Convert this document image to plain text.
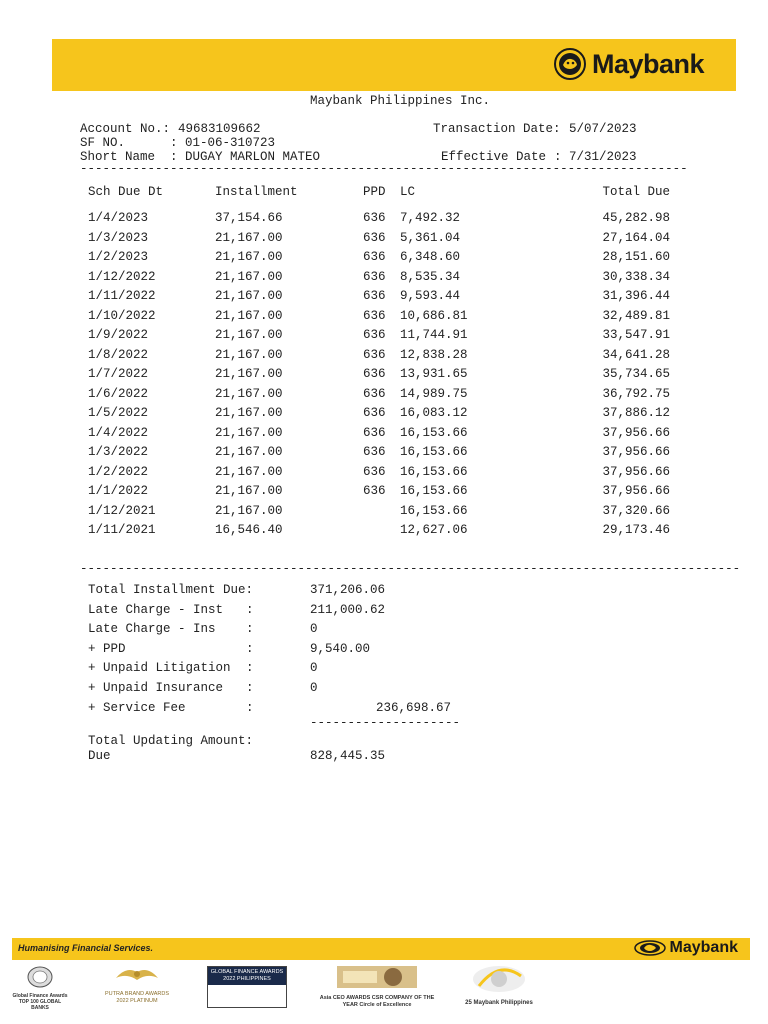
Maybank
Maybank Philippines Inc.
Account No.: 49683109662
SF NO.	: 01-06-310723
Short Name : DUGAY MARLON MATEO
Transaction Date: 5/07/2023
Effective Date : 7/31/2023
---------------------------------------------------------------------------------
Sch Due Dt	Installment	PPD	LC	Total Due

1/4/2023	37,154.66	636	7,492.32	45,282.98
1/3/2023	21,167.00	636	5,361.04	27,164.04
1/2/2023	21,167.00	636	6,348.60	28,151.60
1/12/2022	21,167.00	636	8,535.34	30,338.34
1/11/2022	21,167.00	636	9,593.44	31,396.44
1/10/2022	21,167.00	636	10,686.81	32,489.81
1/9/2022	21,167.00	636	11,744.91	33,547.91
1/8/2022	21,167.00	636	12,838.28	34,641.28
1/7/2022	21,167.00	636	13,931.65	35,734.65
1/6/2022	21,167.00	636	14,989.75	36,792.75
1/5/2022	21,167.00	636	16,083.12	37,886.12
1/4/2022	21,167.00	636	16,153.66	37,956.66
1/3/2022	21,167.00	636	16,153.66	37,956.66
1/2/2022	21,167.00	636	16,153.66	37,956.66
1/1/2022	21,167.00	636	16,153.66	37,956.66
1/12/2021	21,167.00		16,153.66	37,320.66
1/11/2021	16,546.40		12,627.06	29,173.46
----------------------------------------------------------------------------------------
Total Installment Due:	371,206.06
Late Charge - Inst :	211,000.62
Late Charge - Ins :	0
+ PPD	:	9,540.00
+ Unpaid Litigation :	0
+ Unpaid Insurance :	0
+ Service Fee	:	236,698.67
--------------------
Total Updating Amount:
Due	828,445.35
Humanising Financial Services.	Maybank
Global Finance Awards TOP 100 GLOBAL BANKS
PUTRA BRAND AWARDS 2022 PLATINUM
GLOBAL FINANCE AWARDS 2022 PHILIPPINES
Asia CEO AWARDS CSR COMPANY OF THE YEAR Circle of Excellence	25 Maybank Philippines
